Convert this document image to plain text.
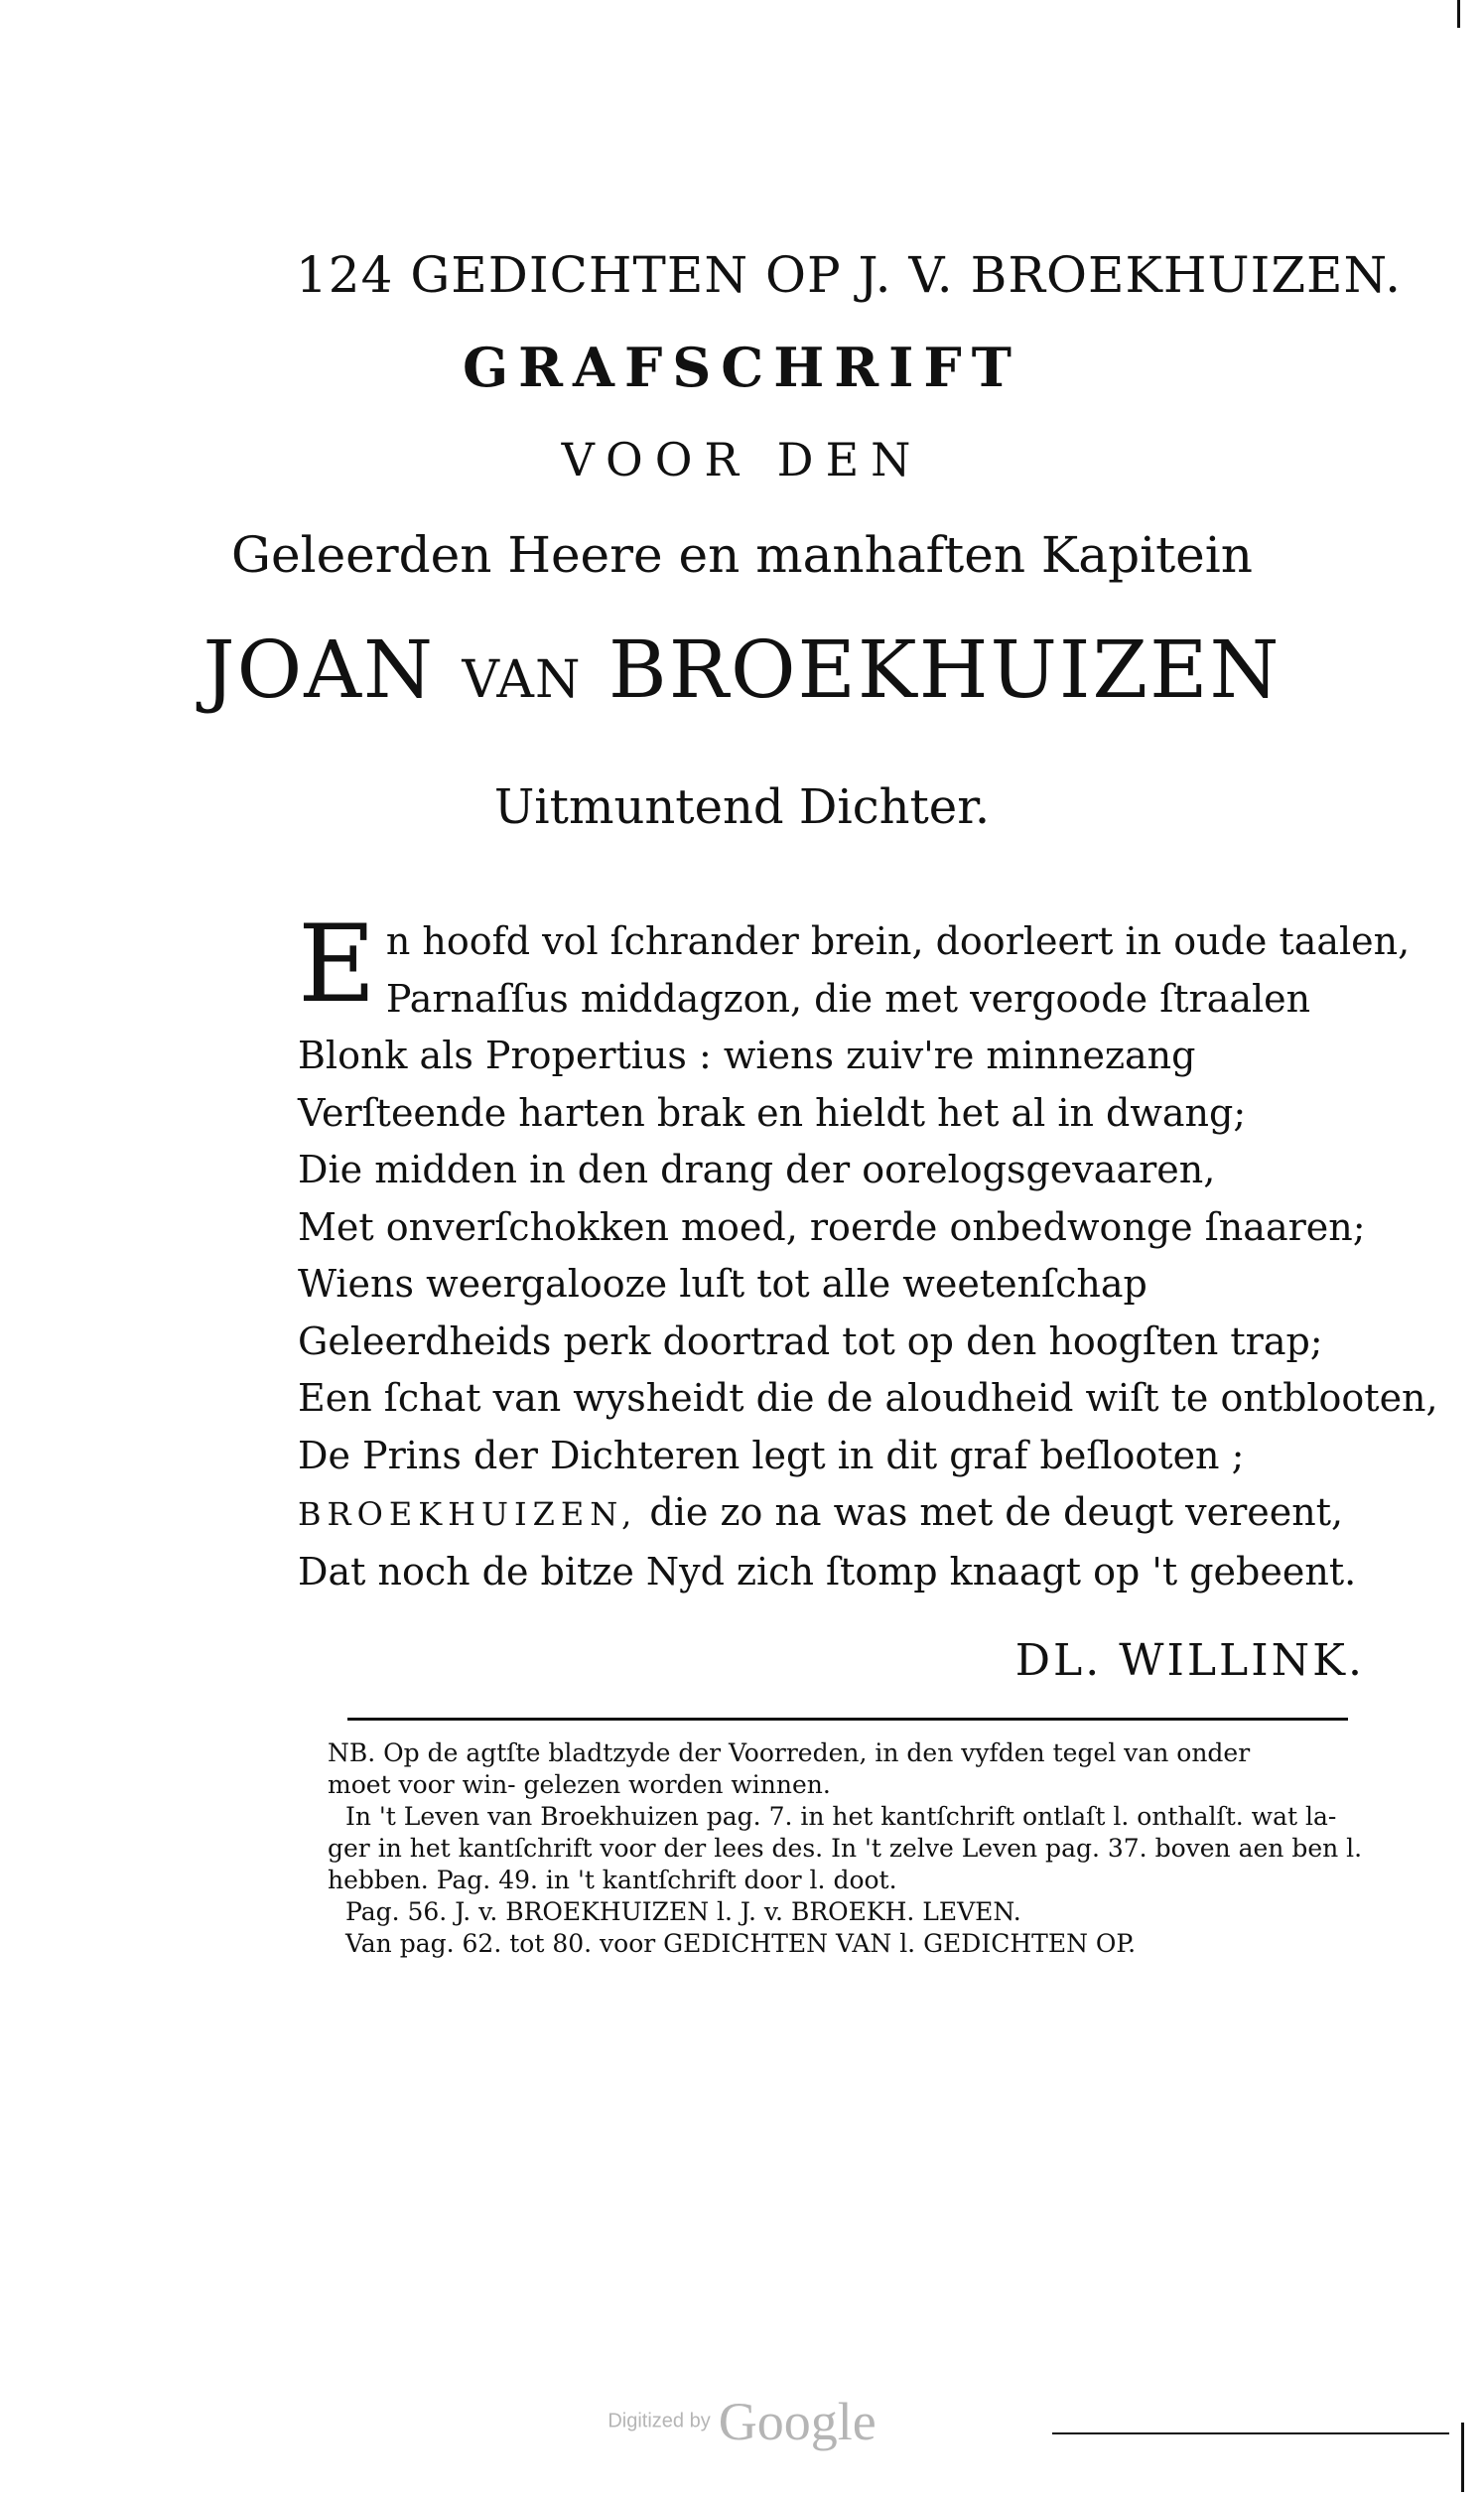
124 GEDICHTEN OP J. V. BROEKHUIZEN.
GRAFSCHRIFT
VOOR DEN
Geleerden Heere en manhaften Kapitein
JOAN VAN BROEKHUIZEN
Uitmuntend Dichter.
E n hoofd vol ſchrander brein, doorleert in oude taalen,
Parnaſſus middagzon, die met vergoode ſtraalen
Blonk als Propertius : wiens zuiv're minnezang
Verſteende harten brak en hieldt het al in dwang;
Die midden in den drang der oorelogsgevaaren,
Met onverſchokken moed, roerde onbedwonge ſnaaren;
Wiens weergalooze luſt tot alle weetenſchap
Geleerdheids perk doortrad tot op den hoogſten trap;
Een ſchat van wysheidt die de aloudheid wiſt te ontblooten,
De Prins der Dichteren legt in dit graf beſlooten ;
BROEKHUIZEN, die zo na was met de deugt vereent,
Dat noch de bitze Nyd zich ſtomp knaagt op 't gebeent.
DL. WILLINK.
NB. Op de agtſte bladtzyde der Voorreden, in den vyfden tegel van onder
moet voor win- gelezen worden winnen.
In 't Leven van Broekhuizen pag. 7. in het kantſchrift ontlaſt l. onthalſt. wat la-
ger in het kantſchrift voor der lees des. In 't zelve Leven pag. 37. boven aen ben l.
hebben. Pag. 49. in 't kantſchrift door l. doot.
Pag. 56. J. v. BROEKHUIZEN l. J. v. BROEKH. LEVEN.
Van pag. 62. tot 80. voor GEDICHTEN VAN l. GEDICHTEN OP.
Digitized by Google
